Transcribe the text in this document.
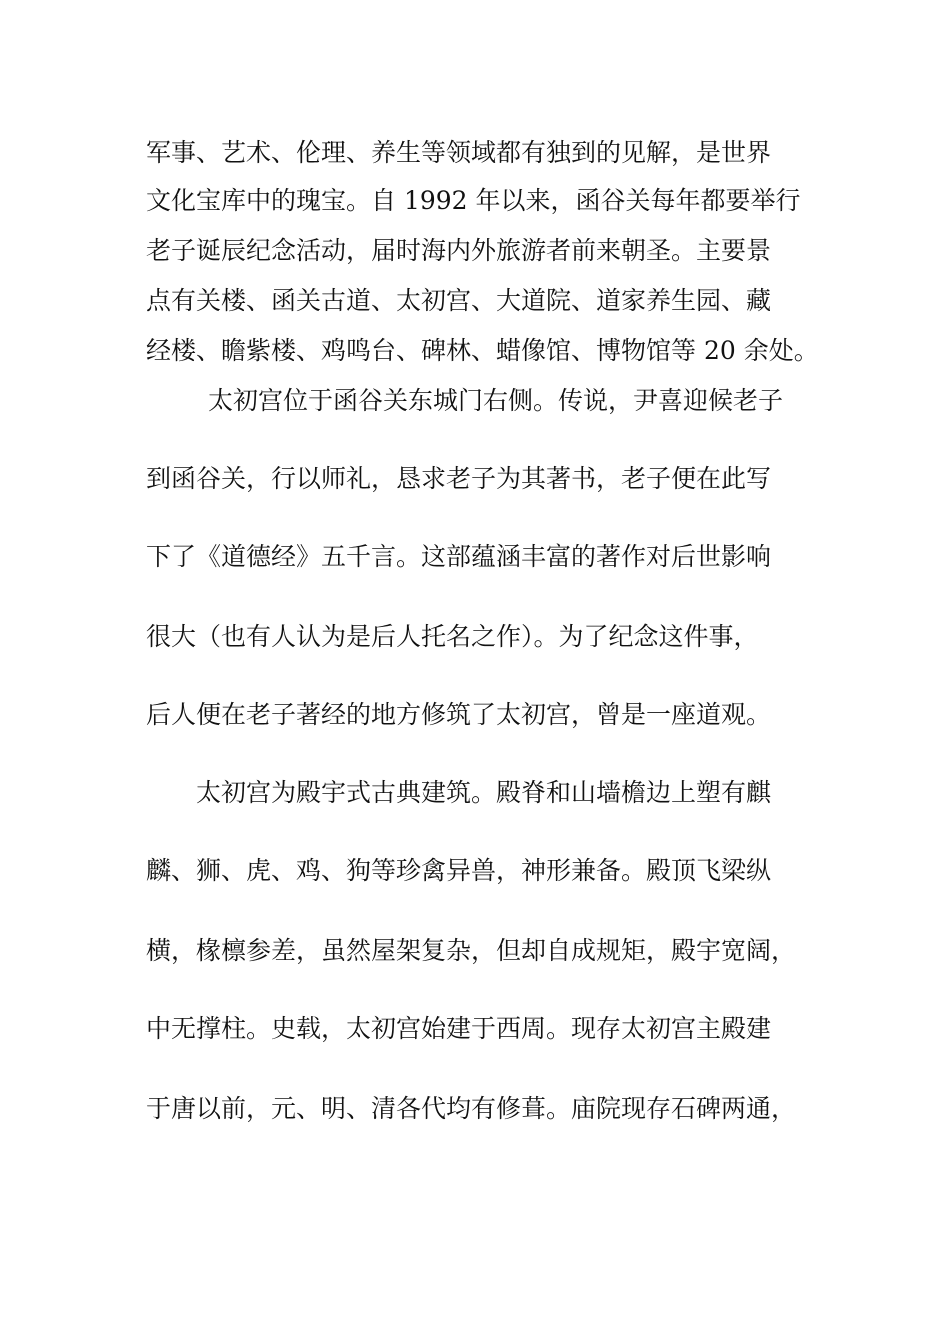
军事、艺术、伦理、养生等领域都有独到的见解，是世界

文化宝库中的瑰宝。自 1992 年以来，函谷关每年都要举行

老子诞辰纪念活动，届时海内外旅游者前来朝圣。主要景

点有关楼、函关古道、太初宫、大道院、道家养生园、藏

经楼、瞻紫楼、鸡鸣台、碑林、蜡像馆、博物馆等 20 余处。

太初宫位于函谷关东城门右侧。传说，尹喜迎候老子

到函谷关，行以师礼，恳求老子为其著书，老子便在此写

下了《道德经》五千言。这部蕴涵丰富的著作对后世影响

很大（也有人认为是后人托名之作）。为了纪念这件事，

后人便在老子著经的地方修筑了太初宫，曾是一座道观。

太初宫为殿宇式古典建筑。殿脊和山墙檐边上塑有麒

麟、狮、虎、鸡、狗等珍禽异兽，神形兼备。殿顶飞梁纵

横，椽檩参差，虽然屋架复杂，但却自成规矩，殿宇宽阔，

中无撑柱。史载，太初宫始建于西周。现存太初宫主殿建

于唐以前，元、明、清各代均有修葺。庙院现存石碑两通，
